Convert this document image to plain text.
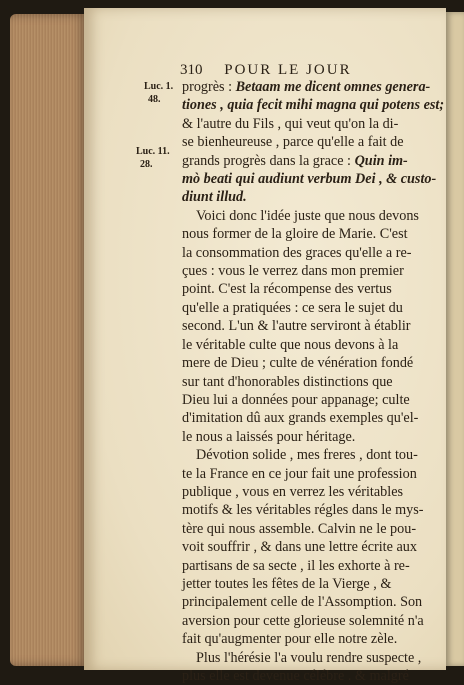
310 POUR LE JOUR
Luc. 1.
48.
Luc. 11.
28.
progrès : Betaam me dicent omnes genera-
tiones , quia fecit mihi magna qui potens est;
& l'autre du Fils , qui veut qu'on la di-
se bienheureuse , parce qu'elle a fait de
grands progrès dans la grace : Quin im-
mò beati qui audiunt verbum Dei , & custo-
diunt illud.
Voici donc l'idée juste que nous devons
nous former de la gloire de Marie. C'est
la consommation des graces qu'elle a re-
çues : vous le verrez dans mon premier
point. C'est la récompense des vertus
qu'elle a pratiquées : ce sera le sujet du
second. L'un & l'autre serviront à établir
le véritable culte que nous devons à la
mere de Dieu ; culte de vénération fondé
sur tant d'honorables distinctions que
Dieu lui a données pour appanage; culte
d'imitation dû aux grands exemples qu'el-
le nous a laissés pour héritage.
Dévotion solide , mes freres , dont tou-
te la France en ce jour fait une profession
publique , vous en verrez les véritables
motifs & les véritables régles dans le mys-
tère qui nous assemble. Calvin ne le pou-
voit souffrir , & dans une lettre écrite aux
partisans de sa secte , il les exhorte à re-
jetter toutes les fêtes de la Vierge , &
principalement celle de l'Assomption. Son
aversion pour cette glorieuse solemnité n'a
fait qu'augmenter pour elle notre zèle.
Plus l'hérésie l'a voulu rendre suspecte ,
plus elle est devenue célébre . & malgré
